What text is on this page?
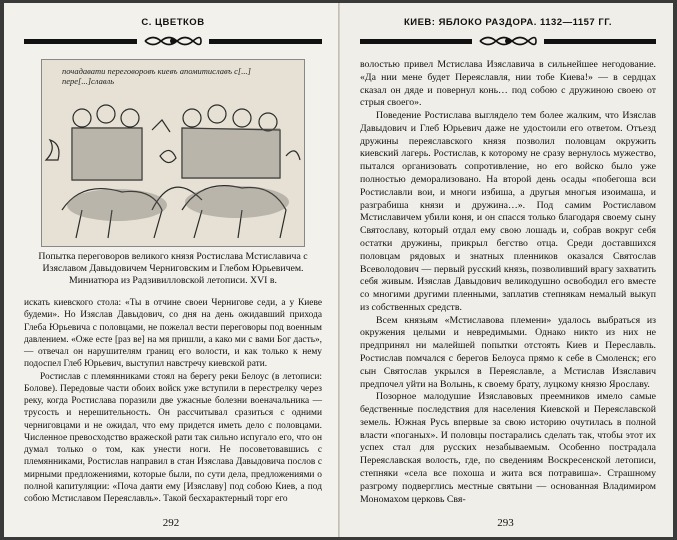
С. ЦВЕТКОВ
почадавати переговоровъ киевъ апомитиславъ с[...] пере[...]славль
Попытка переговоров великого князя Ростислава Мстиславича с Изяславом Давыдовичем Черниговским и Глебом Юрьевичем. Миниатюра из Радзивилловской летописи. XVI в.

искать киевского стола: «Ты в отчине своеи Чернигове седи, а у Киеве будеми». Но Изяслав Давыдович, со дня на день ожидавший прихода Глеба Юрьевича с половцами, не пожелал вести переговоры под военным давлением. «Оже есте [раз ве] на мя пришли, а како ми с вами Бог дасть», — отвечал он нарушителям границ его волости, и как только к нему подоспел Глеб Юрьевич, выступил навстречу киевской рати.

Ростислав с племянниками стоял на берегу реки Белоус (в летописи: Болове). Передовые части обоих войск уже вступили в перестрелку через реку, когда Ростислава поразили две ужасные болезни военачальника — трусость и нерешительность. Он рассчитывал сразиться с одними черниговцами и не ожидал, что ему придется иметь дело с половцами. Численное превосходство вражеской рати так сильно испугало его, что он думал только о том, как унести ноги. Не посоветовавшись с племянниками, Ростислав направил в стан Изяслава Давыдовича послов с мирными предложениями, которые были, по сути дела, предложениями о полной капитуляции: «Поча даяти ему [Изяславу] под собою Киев, а под собою Мстиславом Переяславль». Такой бесхарактерный торг его

292
КИЕВ: ЯБЛОКО РАЗДОРА. 1132—1157 ГГ.

волостью привел Мстислава Изяславича в сильнейшее негодование. «Да нии мене будет Переяславля, нии тобе Киева!» — в сердцах сказал он дяде и повернул конь… под собою с дружиною своею от стрыя своего».

Поведение Ростислава выглядело тем более жалким, что Изяслав Давыдович и Глеб Юрьевич даже не удостоили его ответом. Отъезд дружины переяславского князя позволил половцам окружить киевский лагерь. Ростислав, к которому не сразу вернулось мужество, пытался организовать сопротивление, но его войско было уже полностью деморализовано. На второй день осады «побегоша вси Ростиславли вои, и многи избиша, а другыя многыя изоимаша, и разграбиша князи и дружина…». Под самим Ростиславом Мстиславичем убили коня, и он спасся только благодаря своему сыну Святославу, который отдал ему свою лошадь и, собрав вокруг себя остатки дружины, прикрыл бегство отца. Среди доставшихся половцам рядовых и знатных пленников оказался Святослав Всеволодович — первый русский князь, позволивший врагу захватить себя живым. Изяслав Давыдович великодушно освободил его вместе со многими другими пленными, заплатив степнякам немалый выкуп из собственных средств.

Всем князьям «Мстиславова племени» удалось выбраться из окружения целыми и невредимыми. Однако никто из них не предпринял ни малейшей попытки отстоять Киев и Переславль. Ростислав помчался с берегов Белоуса прямо к себе в Смоленск; его сын Святослав укрылся в Переяславле, а Мстислав Изяславич предпочел уйти на Волынь, к своему брату, луцкому князю Ярославу.

Позорное малодушие Изяславовых преемников имело самые бедственные последствия для населения Киевской и Переяславской земель. Южная Русь впервые за свою историю очутилась в полной власти «поганых». И половцы постарались сделать так, чтобы этот их успех стал для русских незабываемым. Особенно пострадала Переяславская волость, где, по сведениям Воскресенской летописи, степняки «села все похоша и жита вся потравиша». Страшному разгрому подверглись местные святыни — основанная Владимиром Мономахом церковь Свя-

293
